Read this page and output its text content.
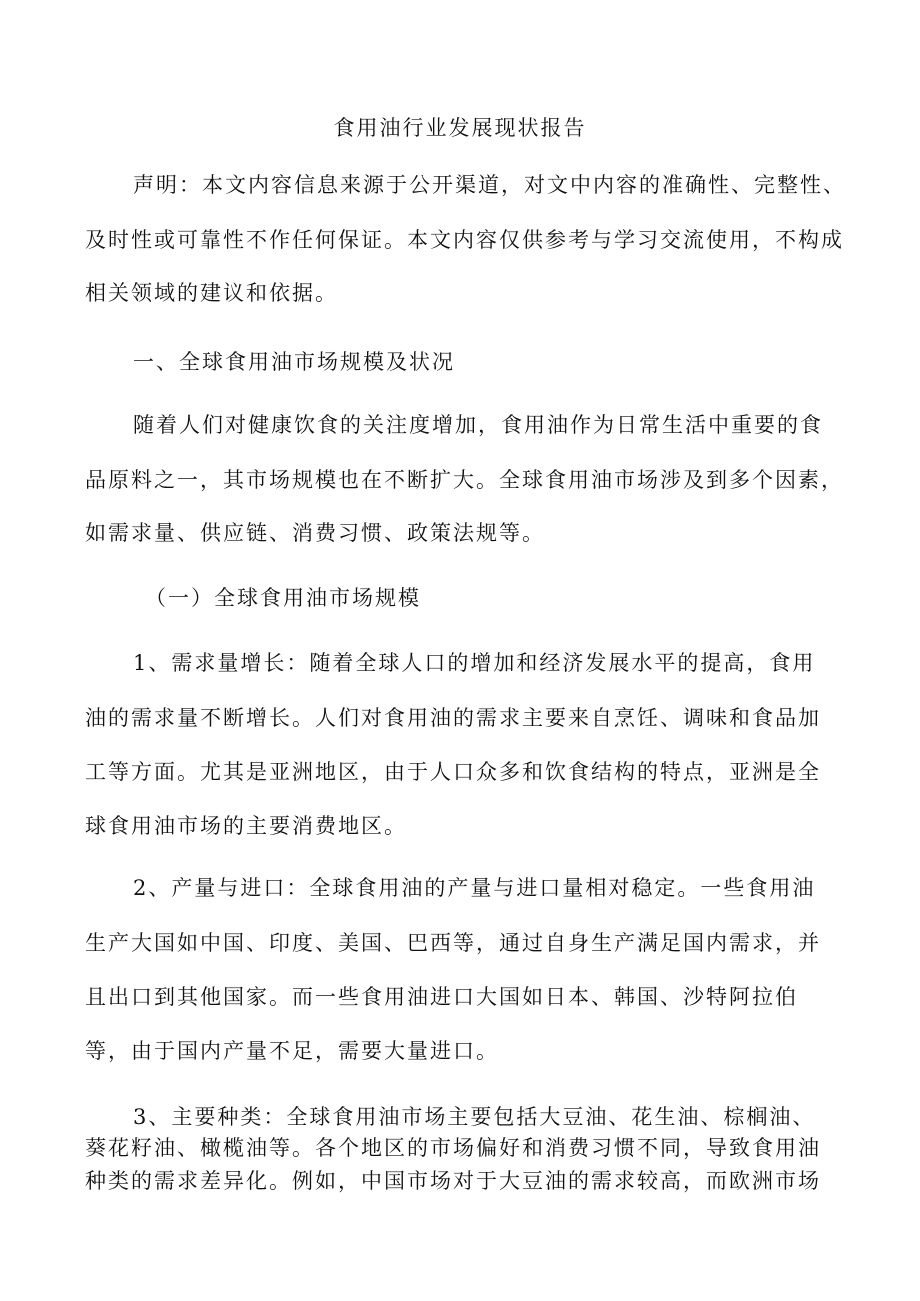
食用油行业发展现状报告
声明：本文内容信息来源于公开渠道，对文中内容的准确性、完整性、
及时性或可靠性不作任何保证。本文内容仅供参考与学习交流使用，不构成
相关领域的建议和依据。
一、全球食用油市场规模及状况
随着人们对健康饮食的关注度增加，食用油作为日常生活中重要的食
品原料之一，其市场规模也在不断扩大。全球食用油市场涉及到多个因素，
如需求量、供应链、消费习惯、政策法规等。
（一）全球食用油市场规模
1、需求量增长：随着全球人口的增加和经济发展水平的提高，食用
油的需求量不断增长。人们对食用油的需求主要来自烹饪、调味和食品加
工等方面。尤其是亚洲地区，由于人口众多和饮食结构的特点，亚洲是全
球食用油市场的主要消费地区。
2、产量与进口：全球食用油的产量与进口量相对稳定。一些食用油
生产大国如中国、印度、美国、巴西等，通过自身生产满足国内需求，并
且出口到其他国家。而一些食用油进口大国如日本、韩国、沙特阿拉伯
等，由于国内产量不足，需要大量进口。
3、主要种类：全球食用油市场主要包括大豆油、花生油、棕榈油、
葵花籽油、橄榄油等。各个地区的市场偏好和消费习惯不同，导致食用油
种类的需求差异化。例如，中国市场对于大豆油的需求较高，而欧洲市场
